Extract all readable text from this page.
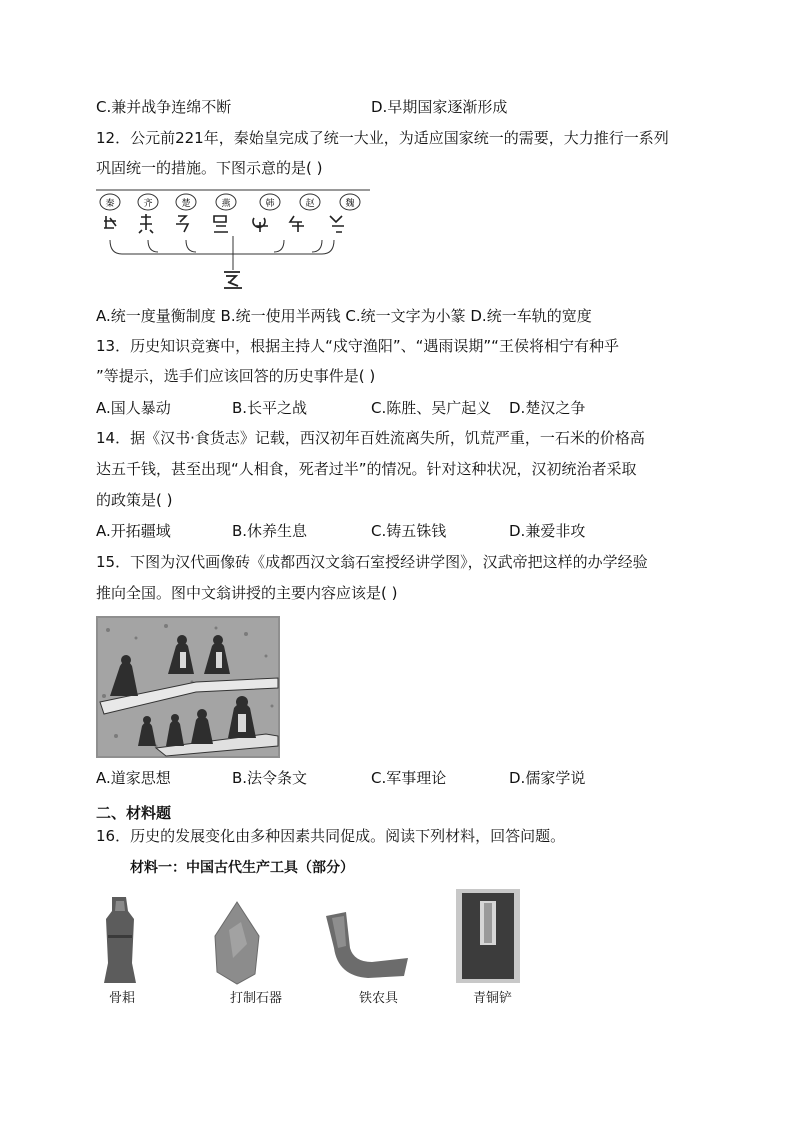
C.兼并战争连绵不断	D.早期国家逐渐形成
12．公元前221年，秦始皇完成了统一大业，为适应国家统一的需要，大力推行一系列
巩固统一的措施。下图示意的是( )
秦	齐	楚	燕	韩	赵	魏
A.统一度量衡制度 B.统一使用半两钱 C.统一文字为小篆 D.统一车轨的宽度
13．历史知识竞赛中，根据主持人“戍守渔阳”、“遇雨误期”“王侯将相宁有种乎
”等提示，选手们应该回答的历史事件是( )
A.国人暴动	B.长平之战	C.陈胜、吴广起义 D.楚汉之争
14．据《汉书·食货志》记载，西汉初年百姓流离失所，饥荒严重，一石米的价格高
达五千钱，甚至出现“人相食，死者过半”的情况。针对这种状况，汉初统治者采取
的政策是( )
A.开拓疆域	B.休养生息	C.铸五铢钱	D.兼爱非攻
15．下图为汉代画像砖《成都西汉文翁石室授经讲学图》，汉武帝把这样的办学经验
推向全国。图中文翁讲授的主要内容应该是( )
A.道家思想	B.法令条文	C.军事理论	D.儒家学说
二、材料题
16．历史的发展变化由多种因素共同促成。阅读下列材料，回答问题。
材料一：中国古代生产工具（部分）
骨耜	打制石器	铁农具	青铜铲
